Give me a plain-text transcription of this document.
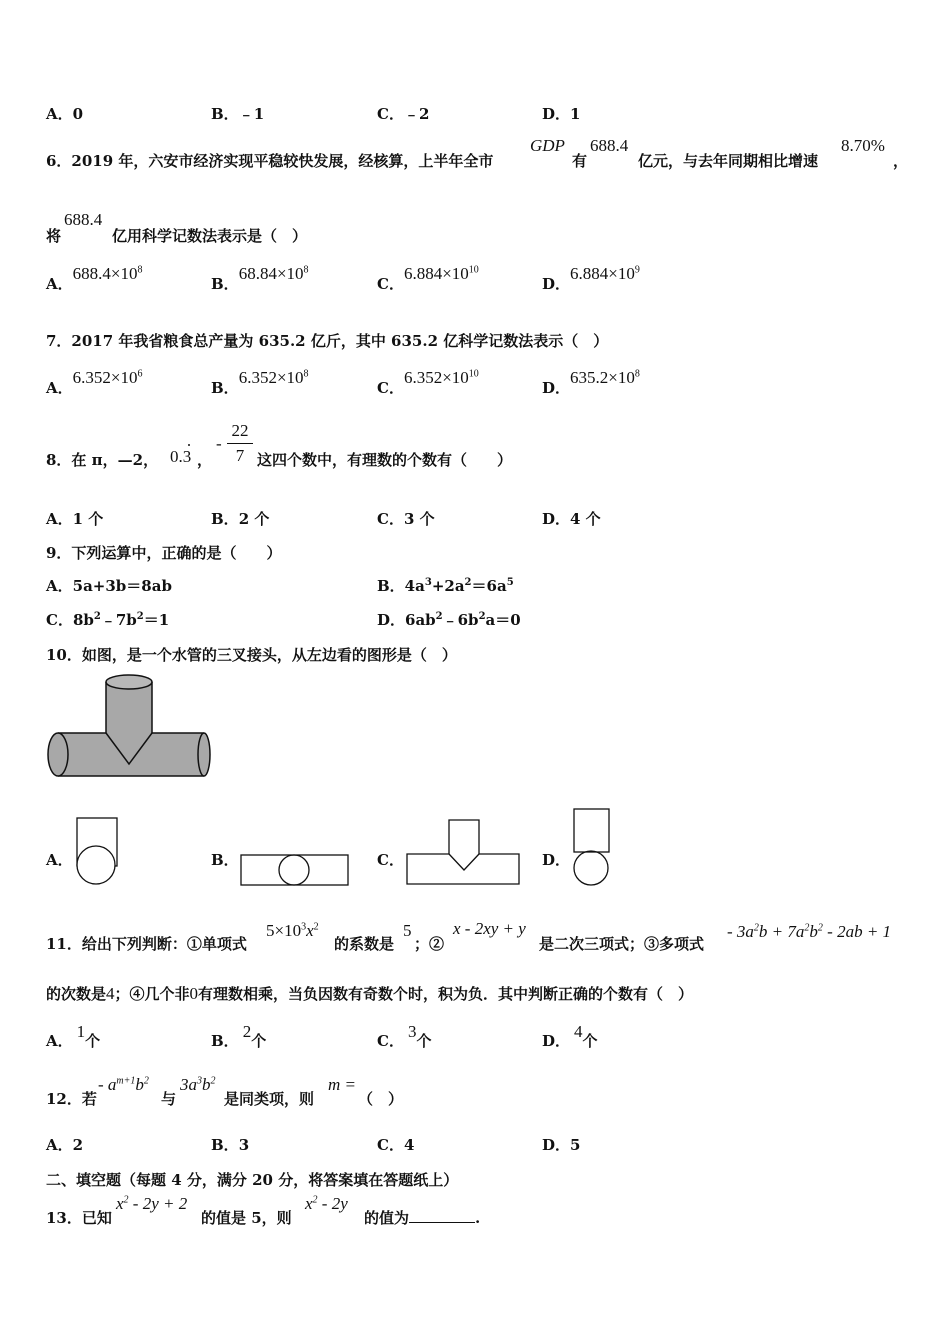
A．0	B．﹣1	C．﹣2	D．1
6．2019 年，六安市经济实现平稳较快发展，经核算，上半年全市
GDP
有
688.4
亿元，与去年同期相比增速
8.70%
，
将
688.4
亿用科学记数法表示是（　）
A．$688.4\times 10^8$
B．$68.84\times 10^8$
C．$6.884\times 10^{10}$
D．$6.884\times 10^9$
7．2017 年我省粮食总产量为 635.2 亿斤，其中 635.2 亿科学记数法表示（　）
A．$6.352\times 10^6$
B．$6.352\times 10^8$
C．$6.352\times 10^{10}$
D．$635.2\times 10^8$
8．在 π，—2， 0.3 ，
-
22
7 这四个数中，有理数的个数有（　　）
A．1 个	B．2 个	C．3 个	D．4 个
9．下列运算中，正确的是（　　）
A．5a+3b＝8ab	B．$4a^3+2a^2=6a^5$
C．$8b^2﹣7b^2=1$	D．$6ab^2﹣6b^2a=0$
10．如图，是一个水管的三叉接头，从左边看的图形是（　）
A．	B．	C．	D．
11．给出下列判断：①单项式
$5\times 10^3x^2$
的系数是
5
；②
x - 2xy + y
是二次三项式；③多项式
- $3a^2b + 7a^2b^2 - 2ab + 1$
的次数是4；④几个非0有理数相乘，当负因数有奇数个时，积为负．其中判断正确的个数有（　）
A． 1个	B． 2个	C． 3个	D． 4个
12．若
- $a^{m+1}b^2$
与
$3a^3b^2$
是同类项，则
m =
（　）
A．2	B．3	C．4	D．5
二、填空题（每题 4 分，满分 20 分，将答案填在答题纸上）
13．已知
$x^2 - 2y + 2$
的值是 5，则
$x^2 - 2y$
的值为	.
